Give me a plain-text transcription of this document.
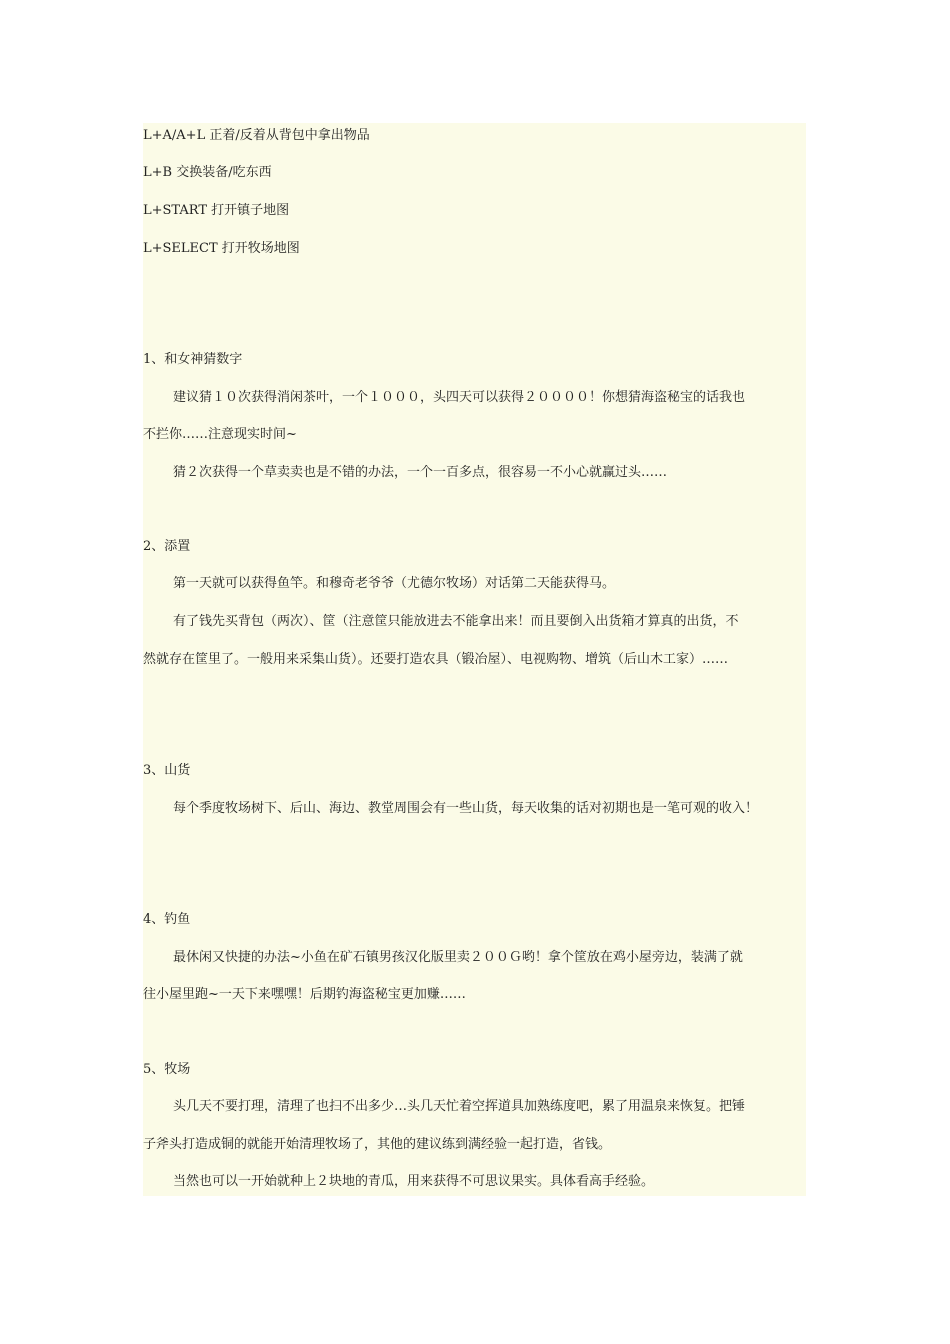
L+A/A+L 正着/反着从背包中拿出物品
L+B 交换装备/吃东西
L+START 打开镇子地图
L+SELECT 打开牧场地图
1、和女神猜数字
建议猜１０次获得消闲茶叶，一个１０００，头四天可以获得２００００！你想猜海盗秘宝的话我也
不拦你……注意现实时间~
猜２次获得一个草卖卖也是不错的办法，一个一百多点，很容易一不小心就赢过头……
2、添置
第一天就可以获得鱼竿。和穆奇老爷爷（尤德尔牧场）对话第二天能获得马。
有了钱先买背包（两次）、筐（注意筐只能放进去不能拿出来！而且要倒入出货箱才算真的出货，不
然就存在筐里了。一般用来采集山货）。还要打造农具（锻冶屋）、电视购物、增筑（后山木工家）……
3、山货
每个季度牧场树下、后山、海边、教堂周围会有一些山货，每天收集的话对初期也是一笔可观的收入！
4、钓鱼
最休闲又快捷的办法~小鱼在矿石镇男孩汉化版里卖２００Ｇ哟！拿个筐放在鸡小屋旁边，装满了就
往小屋里跑~一天下来嘿嘿！后期钓海盗秘宝更加赚……
5、牧场
头几天不要打理，清理了也扫不出多少…头几天忙着空挥道具加熟练度吧，累了用温泉来恢复。把锤
子斧头打造成铜的就能开始清理牧场了，其他的建议练到满经验一起打造，省钱。
当然也可以一开始就种上２块地的青瓜，用来获得不可思议果实。具体看高手经验。
